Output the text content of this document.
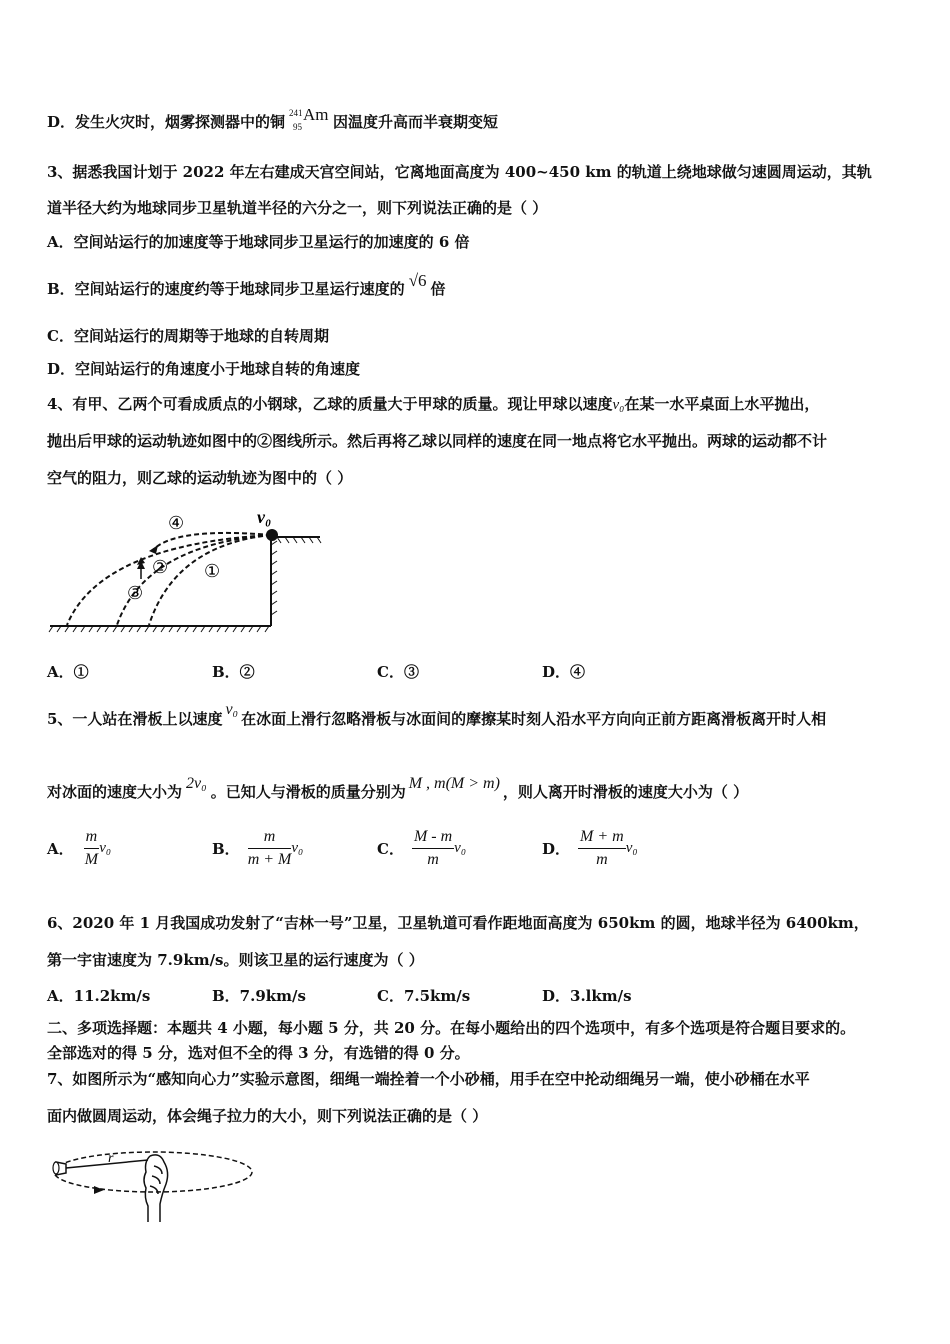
D．发生火灾时，烟雾探测器中的铜 241
95
Am 因温度升高而半衰期变短
3、据悉我国计划于 2022 年左右建成天宫空间站，它离地面高度为 400~450 km 的轨道上绕地球做匀速圆周运动，其轨
道半径大约为地球同步卫星轨道半径的六分之一，则下列说法正确的是（ ）
A．空间站运行的加速度等于地球同步卫星运行的加速度的 6 倍
B．空间站运行的速度约等于地球同步卫星运行速度的 √6 倍
C．空间站运行的周期等于地球的自转周期
D．空间站运行的角速度小于地球自转的角速度
4、有甲、乙两个可看成质点的小钢球，乙球的质量大于甲球的质量。现让甲球以速度v₀在某一水平桌面上水平抛出，
抛出后甲球的运动轨迹如图中的②图线所示。然后再将乙球以同样的速度在同一地点将它水平抛出。两球的运动都不计
空气的阻力，则乙球的运动轨迹为图中的（ ）
v₀
④
②
③
①
A．①	B．②	C．③	D．④
5、一人站在滑板上以速度v₀在冰面上滑行忽略滑板与冰面间的摩擦某时刻人沿水平方向向正前方距离滑板离开时人相
对冰面的速度大小为 2v₀ 。已知人与滑板的质量分别为 M , m(M > m) ，则人离开时滑板的速度大小为（ ）
A． $\frac{m}{M} v_0$	B． $\frac{m}{m + M} v_0$	C． $\frac{M - m}{m} v_0$	D． $\frac{M + m}{m} v_0$
6、2020 年 1 月我国成功发射了“吉林一号”卫星，卫星轨道可看作距地面高度为 650km 的圆，地球半径为 6400km，
第一宇宙速度为 7.9km/s。则该卫星的运行速度为（ ）
A．11.2km/s	B．7.9km/s	C．7.5km/s	D．3.lkm/s
二、多项选择题：本题共 4 小题，每小题 5 分，共 20 分。在每小题给出的四个选项中，有多个选项是符合题目要求的。
全部选对的得 5 分，选对但不全的得 3 分，有选错的得 0 分。
7、如图所示为“感知向心力”实验示意图，细绳一端拴着一个小砂桶，用手在空中抡动细绳另一端，使小砂桶在水平
面内做圆周运动，体会绳子拉力的大小，则下列说法正确的是（ ）
r
